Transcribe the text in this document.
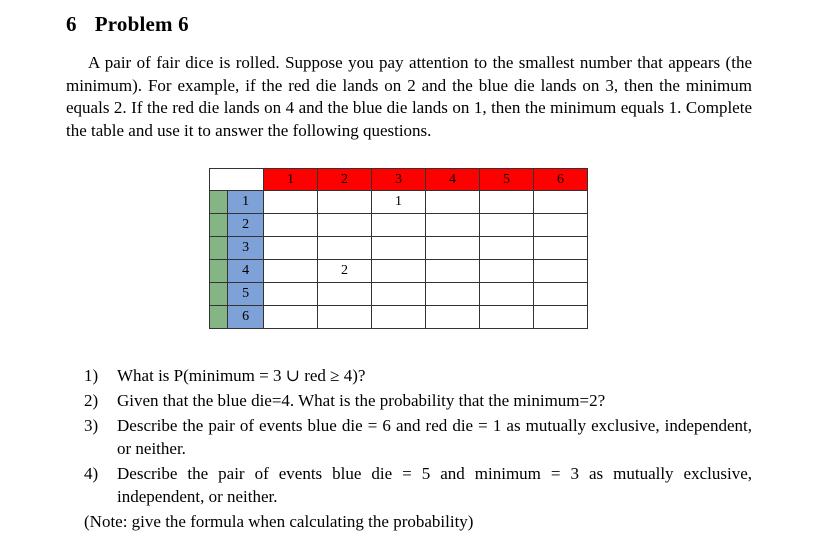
6 Problem 6
A pair of fair dice is rolled. Suppose you pay attention to the smallest number that appears (the minimum). For example, if the red die lands on 2 and the blue die lands on 3, then the minimum equals 2. If the red die lands on 4 and the blue die lands on 1, then the minimum equals 1. Complete the table and use it to answer the following questions.
		1	2	3	4	5	6
	1			1			
	2						
	3						
	4		2				
	5						
	6						
1)	What is P(minimum = 3 ∪ red ≥ 4)?
2)	Given that the blue die=4. What is the probability that the minimum=2?
3)	Describe the pair of events blue die = 6 and red die = 1 as mutually exclusive, independent, or neither.
4)	Describe the pair of events blue die = 5 and minimum = 3 as mutually exclusive, independent, or neither.
(Note: give the formula when calculating the probability)
